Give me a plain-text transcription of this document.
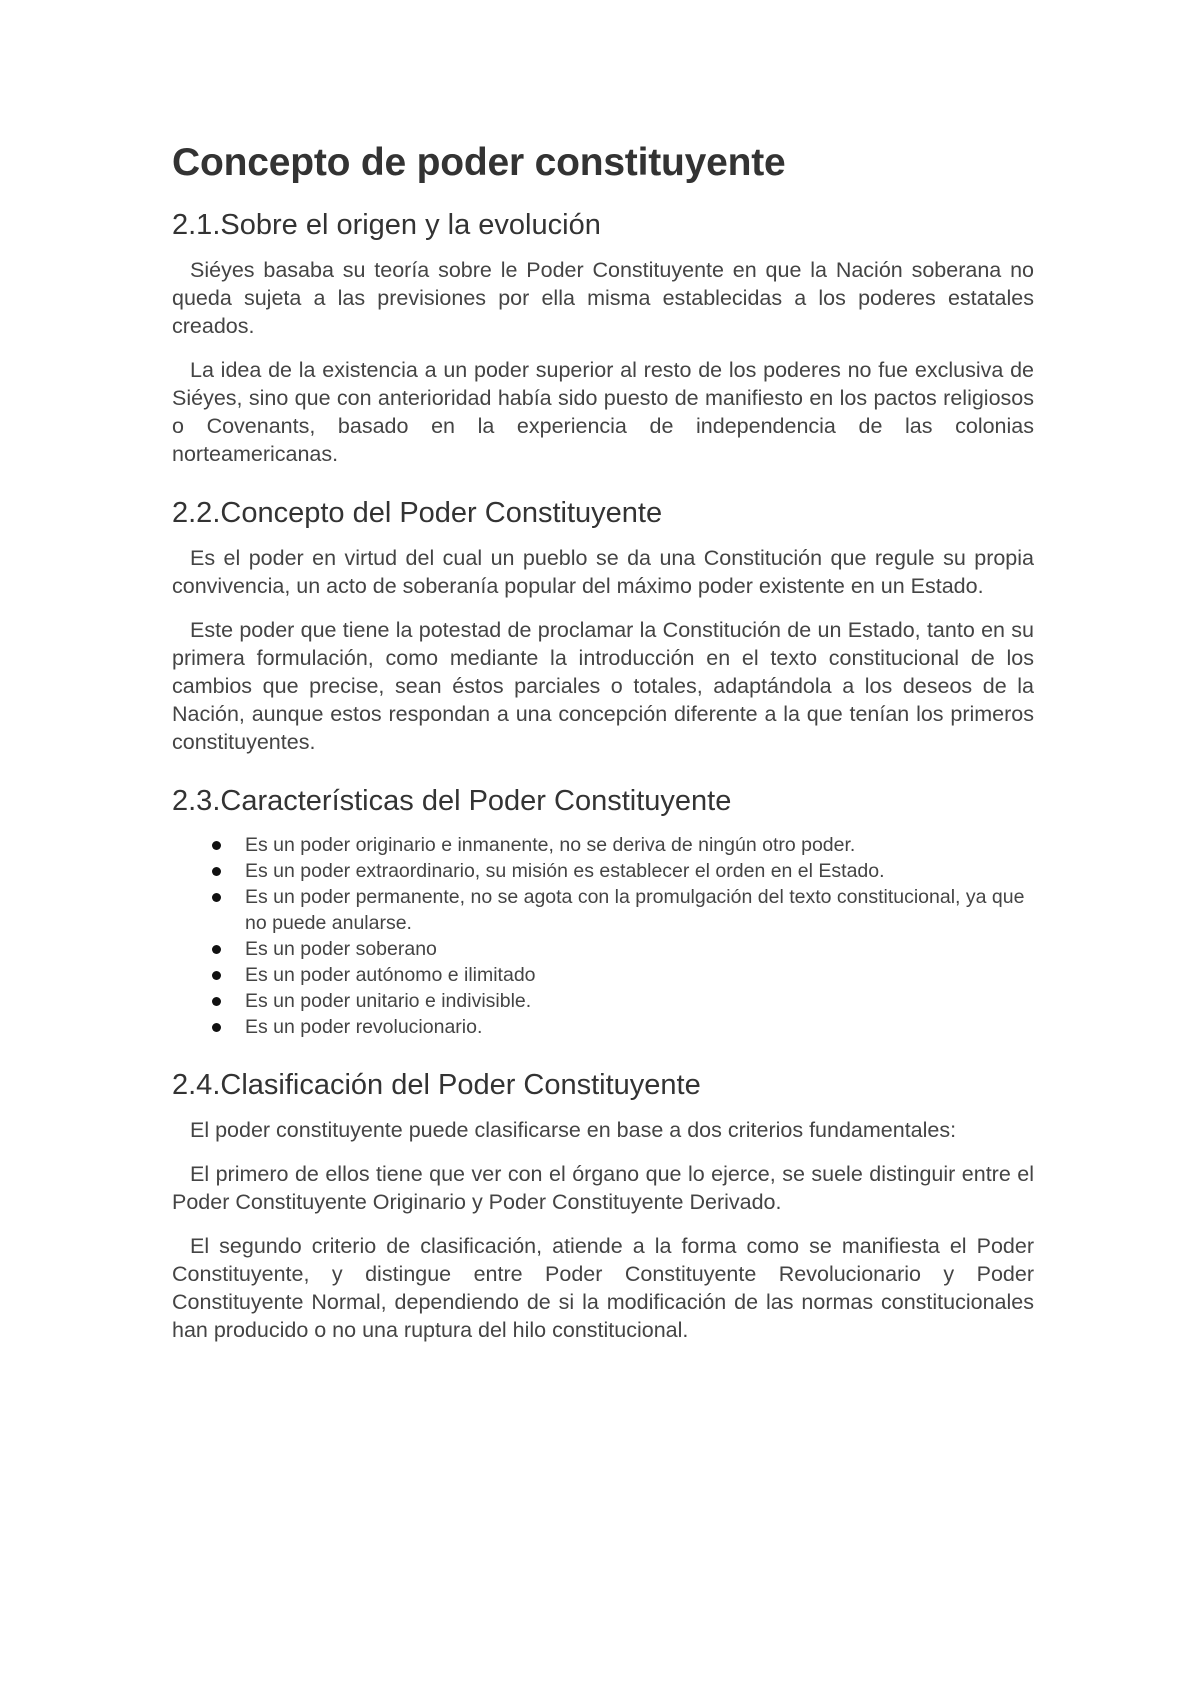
Concepto de poder constituyente
2.1.Sobre el origen y la evolución

Siéyes basaba su teoría sobre le Poder Constituyente en que la Nación soberana no queda sujeta a las previsiones por ella misma establecidas a los poderes estatales creados.

La idea de la existencia a un poder superior al resto de los poderes no fue exclusiva de Siéyes, sino que con anterioridad había sido puesto de manifiesto en los pactos religiosos o Covenants, basado en la experiencia de independencia de las colonias norteamericanas.

2.2.Concepto del Poder Constituyente

Es el poder en virtud del cual un pueblo se da una Constitución que regule su propia convivencia, un acto de soberanía popular del máximo poder existente en un Estado.

Este poder que tiene la potestad de proclamar la Constitución de un Estado, tanto en su primera formulación, como mediante la introducción en el texto constitucional de los cambios que precise, sean éstos parciales o totales, adaptándola a los deseos de la Nación, aunque estos respondan a una concepción diferente a la que tenían los primeros constituyentes.

2.3.Características del Poder Constituyente
Es un poder originario e inmanente, no se deriva de ningún otro poder.
Es un poder extraordinario, su misión es establecer el orden en el Estado.
Es un poder permanente, no se agota con la promulgación del texto constitucional, ya que no puede anularse.
Es un poder soberano
Es un poder autónomo e ilimitado
Es un poder unitario e indivisible.
Es un poder revolucionario.
2.4.Clasificación del Poder Constituyente

El poder constituyente puede clasificarse en base a dos criterios fundamentales:

El primero de ellos tiene que ver con el órgano que lo ejerce, se suele distinguir entre el Poder Constituyente Originario y Poder Constituyente Derivado.

El segundo criterio de clasificación, atiende a la forma como se manifiesta el Poder Constituyente, y distingue entre Poder Constituyente Revolucionario y Poder Constituyente Normal, dependiendo de si la modificación de las normas constitucionales han producido o no una ruptura del hilo constitucional.
